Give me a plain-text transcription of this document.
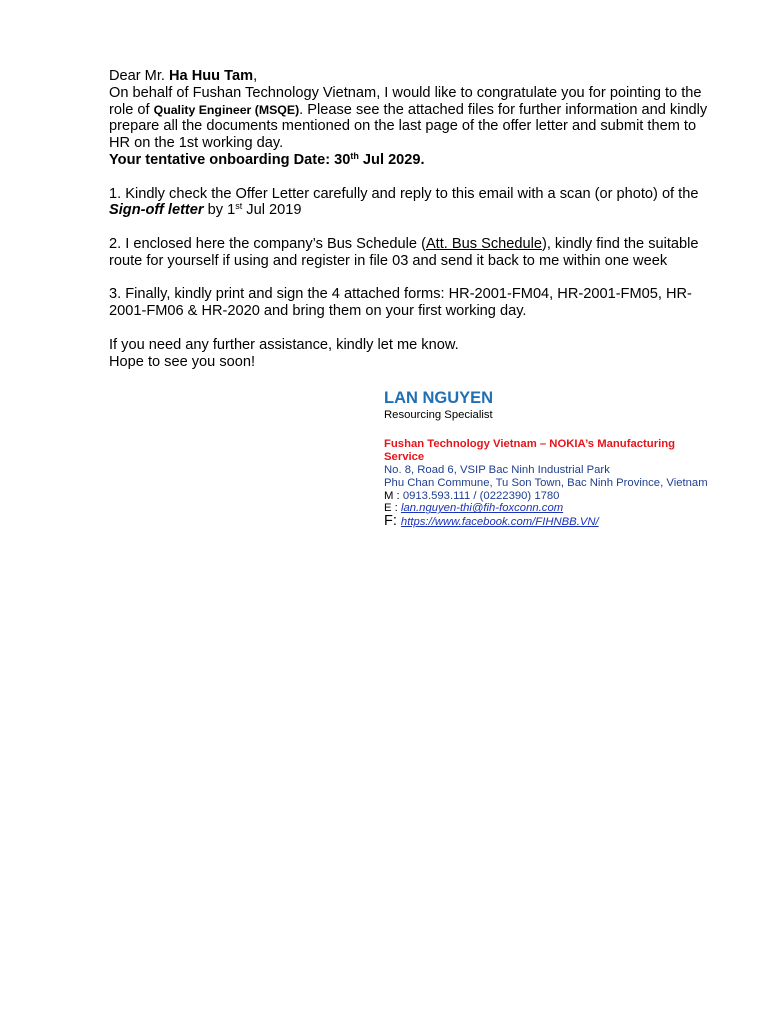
Dear Mr. Ha Huu Tam,

On behalf of Fushan Technology Vietnam, I would like to congratulate you for pointing to the role of Quality Engineer (MSQE). Please see the attached files for further information and kindly prepare all the documents mentioned on the last page of the offer letter and submit them to HR on the 1st working day.

Your tentative onboarding Date: 30th Jul 2029.

1. Kindly check the Offer Letter carefully and reply to this email with a scan (or photo) of the Sign-off letter by 1st Jul 2019

2. I enclosed here the company’s Bus Schedule (Att. Bus Schedule), kindly find the suitable route for yourself if using and register in file 03 and send it back to me within one week

3. Finally, kindly print and sign the 4 attached forms: HR-2001-FM04, HR-2001-FM05, HR-2001-FM06 & HR-2020 and bring them on your first working day.

If you need any further assistance, kindly let me know.

Hope to see you soon!

LAN NGUYEN
Resourcing Specialist
Fushan Technology Vietnam – NOKIA’s Manufacturing Service
No. 8, Road 6, VSIP Bac Ninh Industrial Park
Phu Chan Commune, Tu Son Town, Bac Ninh Province, Vietnam
M : 0913.593.111 / (0222390) 1780
E : lan.nguyen-thi@fih-foxconn.com
F: https://www.facebook.com/FIHNBB.VN/
